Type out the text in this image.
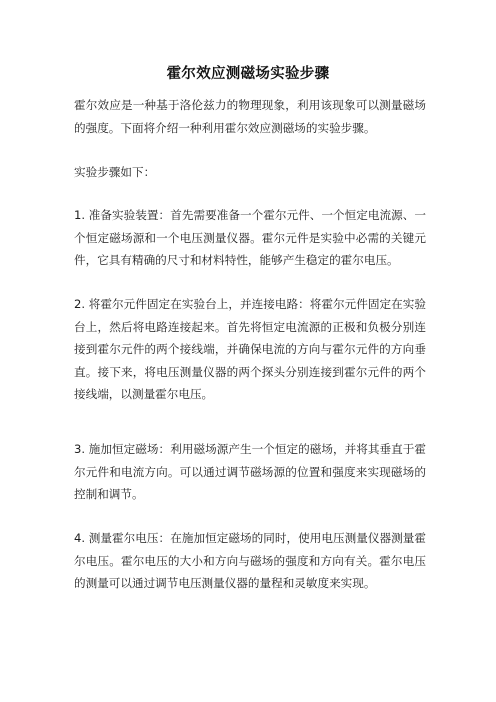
霍尔效应测磁场实验步骤
霍尔效应是一种基于洛伦兹力的物理现象，利用该现象可以测量磁场的强度。下面将介绍一种利用霍尔效应测磁场的实验步骤。
实验步骤如下：
1. 准备实验装置：首先需要准备一个霍尔元件、一个恒定电流源、一个恒定磁场源和一个电压测量仪器。霍尔元件是实验中必需的关键元件，它具有精确的尺寸和材料特性，能够产生稳定的霍尔电压。
2. 将霍尔元件固定在实验台上，并连接电路：将霍尔元件固定在实验台上，然后将电路连接起来。首先将恒定电流源的正极和负极分别连接到霍尔元件的两个接线端，并确保电流的方向与霍尔元件的方向垂直。接下来，将电压测量仪器的两个探头分别连接到霍尔元件的两个接线端，以测量霍尔电压。
3. 施加恒定磁场：利用磁场源产生一个恒定的磁场，并将其垂直于霍尔元件和电流方向。可以通过调节磁场源的位置和强度来实现磁场的控制和调节。
4. 测量霍尔电压：在施加恒定磁场的同时，使用电压测量仪器测量霍尔电压。霍尔电压的大小和方向与磁场的强度和方向有关。霍尔电压的测量可以通过调节电压测量仪器的量程和灵敏度来实现。
